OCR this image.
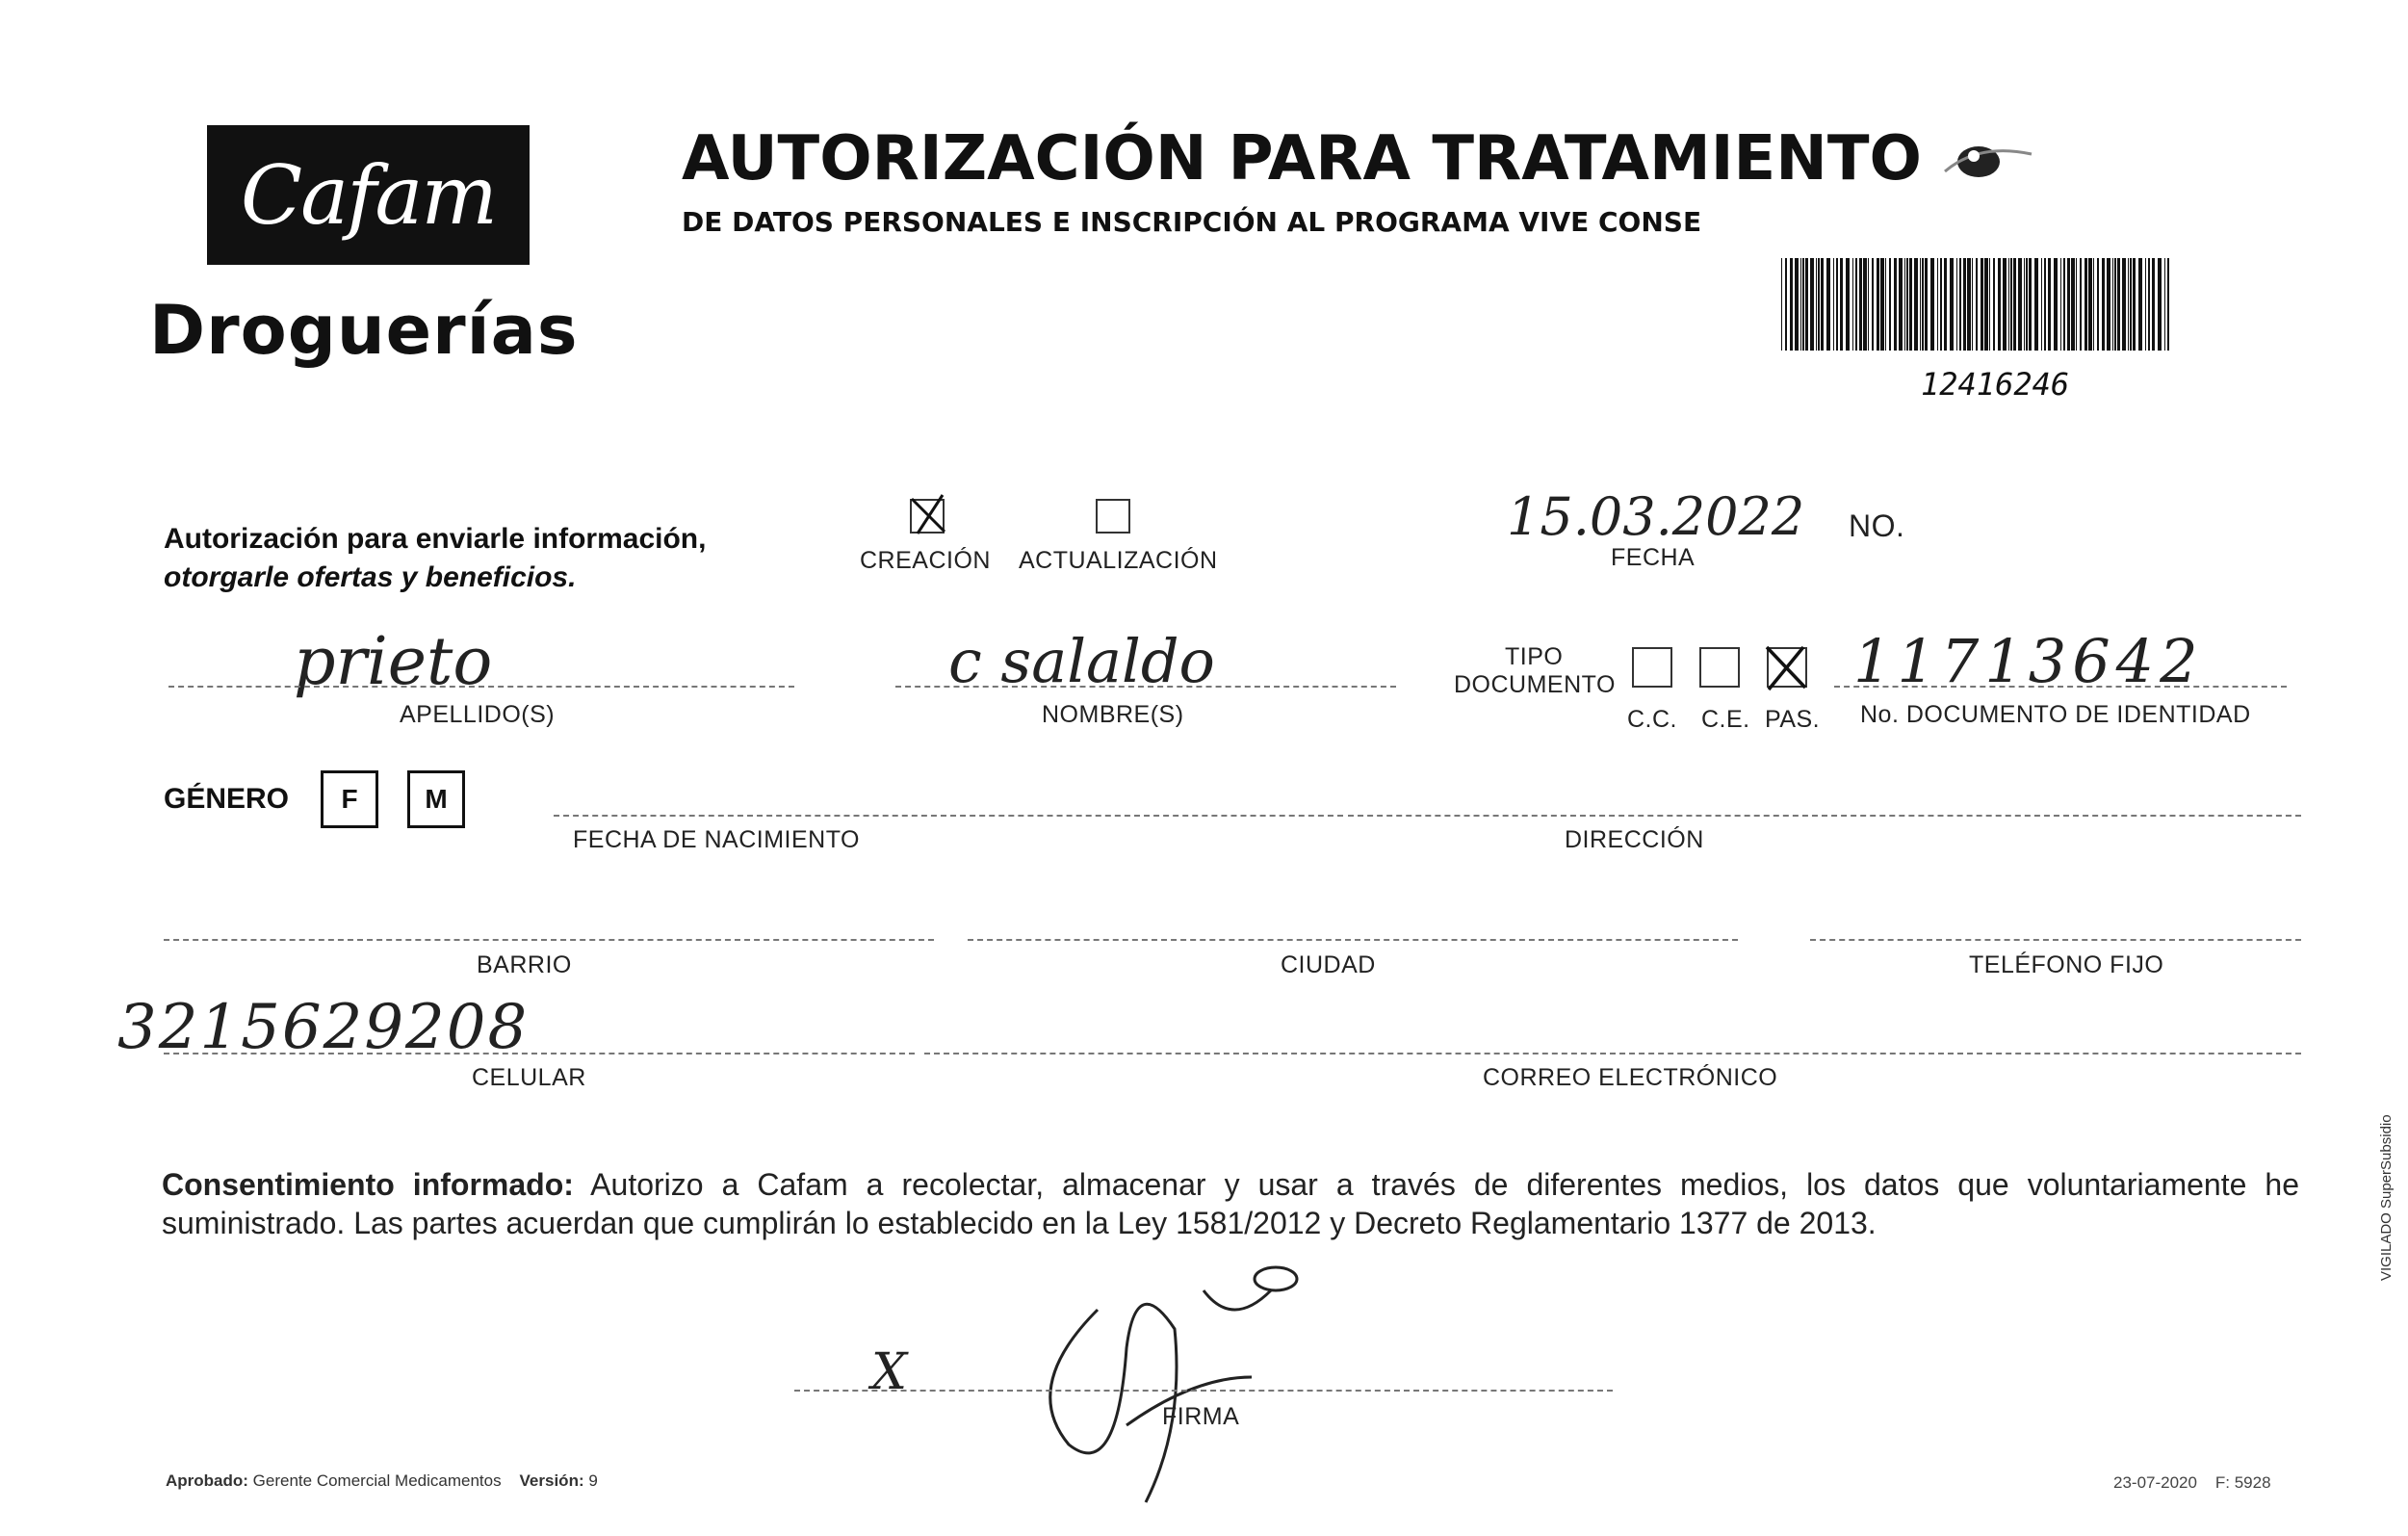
Cafam
Droguerías
AUTORIZACIÓN PARA TRATAMIENTO
DE DATOS PERSONALES E INSCRIPCIÓN AL PROGRAMA VIVE CONSE
12416246
Autorización para enviarle información,
otorgarle ofertas y beneficios.
CREACIÓN ACTUALIZACIÓN
15.03.2022
FECHA
NO.
prieto
APELLIDO(S)
c salaldo
NOMBRE(S)
TIPO
DOCUMENTO
C.C. C.E. PAS.
11713642
No. DOCUMENTO DE IDENTIDAD
GÉNERO F M
FECHA DE NACIMIENTO	DIRECCIÓN
BARRIO	CIUDAD	TELÉFONO FIJO
3215629208
CELULAR	CORREO ELECTRÓNICO
Consentimiento informado: Autorizo a Cafam a recolectar, almacenar y usar a través de diferentes medios, los datos que voluntariamente he suministrado. Las partes acuerdan que cumplirán lo establecido en la Ley 1581/2012 y Decreto Reglamentario 1377 de 2013.
X
FIRMA
Aprobado: Gerente Comercial Medicamentos Versión: 9	23-07-2020 F: 5928
VIGILADO SuperSubsidio
